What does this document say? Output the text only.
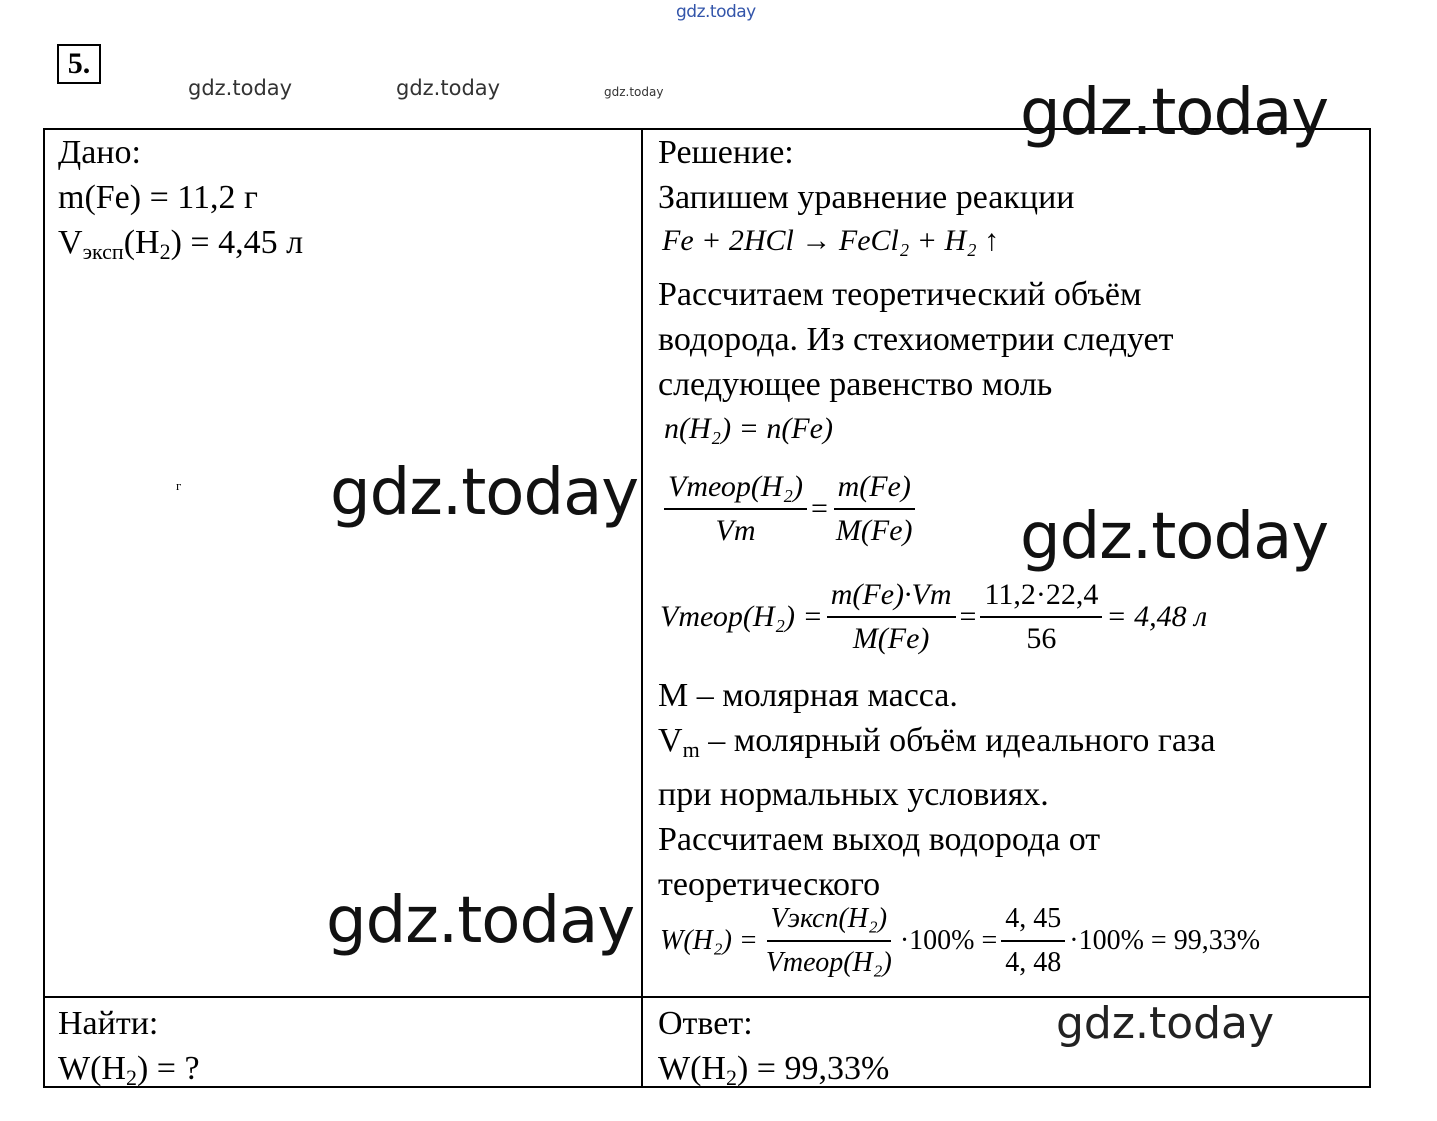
gdz.today
gdz.today	gdz.today	gdz.today
5.
Дано:
m(Fe) = 11,2 г
$V_{эксп}(H_2) = 4,45$ л
г
Решение:
Запишем уравнение реакции
Fe + 2HCl → FeCl₂ + H₂ ↑
Рассчитаем теоретический объём
водорода. Из стехиометрии следует
следующее равенство моль
n(H₂) = n(Fe)
$\frac{\text{Vтеор(H₂)}}{Vm} = \frac{m(Fe)}{M(Fe)}$
Vтеор(H₂) = $\frac{m(Fe)\cdot Vm}{M(Fe)} = \frac{11,2\cdot 22,4}{56} = 4,48$ л
M – молярная масса.
$V_m$ – молярный объём идеального газа
при нормальных условиях.
Рассчитаем выход водорода от
теоретического
$W(H_2) = \frac{\text{Vэксп(H₂)}}{\text{Vтеор(H₂)}} \cdot 100\% = \frac{4, 45}{4, 48} \cdot 100\% = 99,33\%$
Найти:
$W(H_2)$ = ?
Ответ:
$W(H_2) = 99,33\%$
gdz.today
gdz.today
gdz.today
gdz.today
gdz.today
